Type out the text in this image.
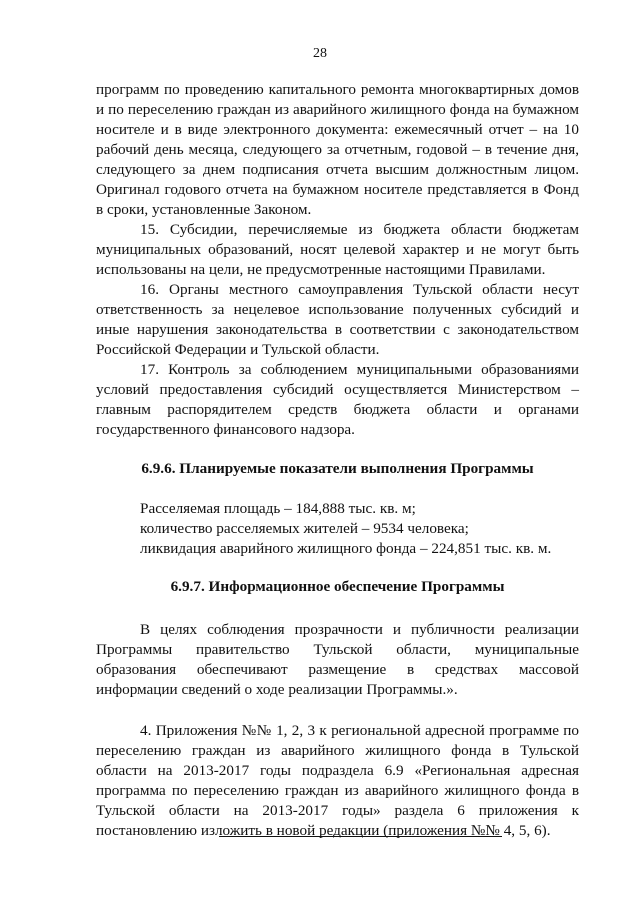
28

программ по проведению капитального ремонта многоквартирных домов и по переселению граждан из аварийного жилищного фонда на бумажном носителе и в виде электронного документа: ежемесячный отчет – на 10 рабочий день месяца, следующего за отчетным, годовой – в течение дня, следующего за днем подписания отчета высшим должностным лицом. Оригинал годового отчета на бумажном носителе представляется в Фонд в сроки, установленные Законом.

15. Субсидии, перечисляемые из бюджета области бюджетам муниципальных образований, носят целевой характер и не могут быть использованы на цели, не предусмотренные настоящими Правилами.

16. Органы местного самоуправления Тульской области несут ответственность за нецелевое использование полученных субсидий и иные нарушения законодательства в соответствии с законодательством Российской Федерации и Тульской области.

17. Контроль за соблюдением муниципальными образованиями условий предоставления субсидий осуществляется Министерством – главным распорядителем средств бюджета области и органами государственного финансового надзора.

6.9.6. Планируемые показатели выполнения Программы

Расселяемая площадь – 184,888 тыс. кв. м;
количество расселяемых жителей – 9534 человека;
ликвидация аварийного жилищного фонда – 224,851 тыс. кв. м.

6.9.7. Информационное обеспечение Программы

В целях соблюдения прозрачности и публичности реализации Программы правительство Тульской области, муниципальные образования обеспечивают размещение в средствах массовой информации сведений о ходе реализации Программы.».

4. Приложения №№ 1, 2, 3 к региональной адресной программе по переселению граждан из аварийного жилищного фонда в Тульской области на 2013-2017 годы подраздела 6.9 «Региональная адресная программа по переселению граждан из аварийного жилищного фонда в Тульской области на 2013-2017 годы» раздела 6 приложения к постановлению изложить в новой редакции (приложения №№ 4, 5, 6).
